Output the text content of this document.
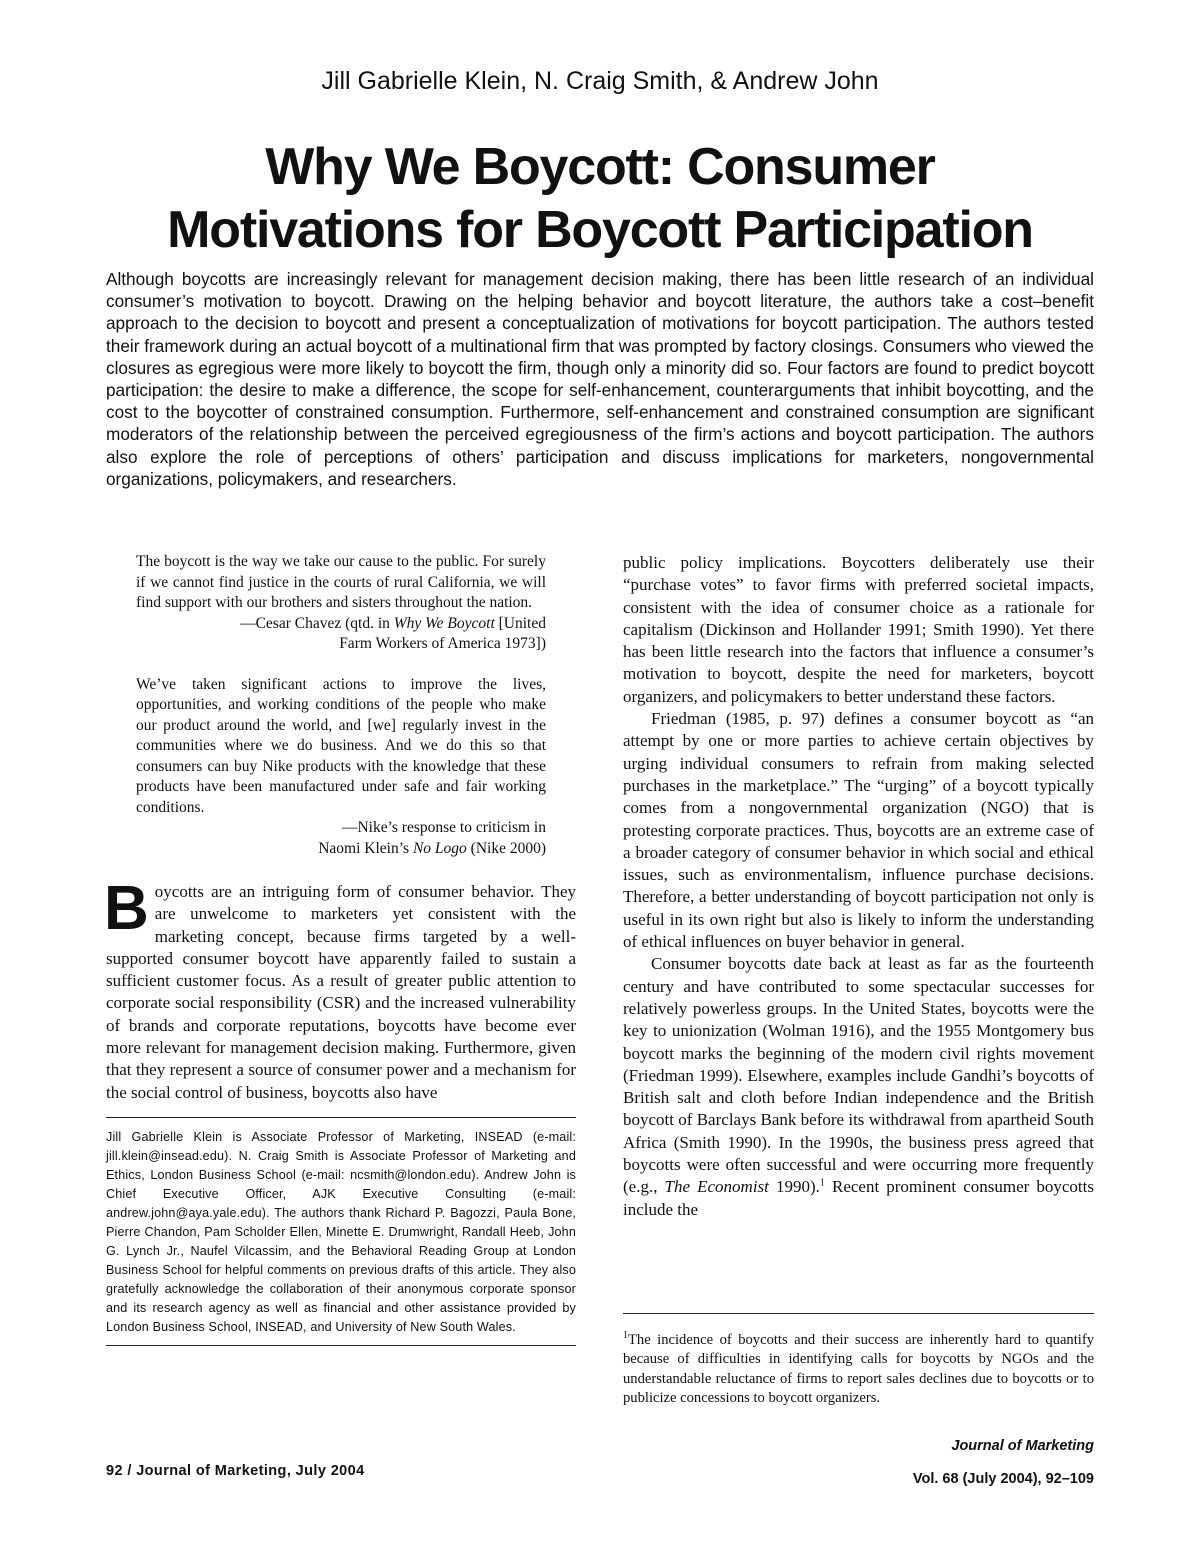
Jill Gabrielle Klein, N. Craig Smith, & Andrew John
Why We Boycott: Consumer
Motivations for Boycott Participation

Although boycotts are increasingly relevant for management decision making, there has been little research of an individual consumer’s motivation to boycott. Drawing on the helping behavior and boycott literature, the authors take a cost–benefit approach to the decision to boycott and present a conceptualization of motivations for boycott participation. The authors tested their framework during an actual boycott of a multinational firm that was prompted by factory closings. Consumers who viewed the closures as egregious were more likely to boycott the firm, though only a minority did so. Four factors are found to predict boycott participation: the desire to make a difference, the scope for self-enhancement, counterarguments that inhibit boycotting, and the cost to the boycotter of constrained consumption. Furthermore, self-enhancement and constrained consumption are significant moderators of the relationship between the perceived egregiousness of the firm’s actions and boycott participation. The authors also explore the role of perceptions of others’ participation and discuss implications for marketers, nongovernmental organizations, policymakers, and researchers.

The boycott is the way we take our cause to the public. For surely if we cannot find justice in the courts of rural California, we will find support with our brothers and sisters throughout the nation.

—Cesar Chavez (qtd. in Why We Boycott [United
Farm Workers of America 1973])

We’ve taken significant actions to improve the lives, opportunities, and working conditions of the people who make our product around the world, and [we] regularly invest in the communities where we do business. And we do this so that consumers can buy Nike products with the knowledge that these products have been manufactured under safe and fair working conditions.

—Nike’s response to criticism in
Naomi Klein’s No Logo (Nike 2000)

Boycotts are an intriguing form of consumer behavior. They are unwelcome to marketers yet consistent with the marketing concept, because firms targeted by a well-supported consumer boycott have apparently failed to sustain a sufficient customer focus. As a result of greater public attention to corporate social responsibility (CSR) and the increased vulnerability of brands and corporate reputations, boycotts have become ever more relevant for management decision making. Furthermore, given that they represent a source of consumer power and a mechanism for the social control of business, boycotts also have

public policy implications. Boycotters deliberately use their “purchase votes” to favor firms with preferred societal impacts, consistent with the idea of consumer choice as a rationale for capitalism (Dickinson and Hollander 1991; Smith 1990). Yet there has been little research into the factors that influence a consumer’s motivation to boycott, despite the need for marketers, boycott organizers, and policymakers to better understand these factors.

Friedman (1985, p. 97) defines a consumer boycott as “an attempt by one or more parties to achieve certain objectives by urging individual consumers to refrain from making selected purchases in the marketplace.” The “urging” of a boycott typically comes from a nongovernmental organization (NGO) that is protesting corporate practices. Thus, boycotts are an extreme case of a broader category of consumer behavior in which social and ethical issues, such as environmentalism, influence purchase decisions. Therefore, a better understanding of boycott participation not only is useful in its own right but also is likely to inform the understanding of ethical influences on buyer behavior in general.

Consumer boycotts date back at least as far as the fourteenth century and have contributed to some spectacular successes for relatively powerless groups. In the United States, boycotts were the key to unionization (Wolman 1916), and the 1955 Montgomery bus boycott marks the beginning of the modern civil rights movement (Friedman 1999). Elsewhere, examples include Gandhi’s boycotts of British salt and cloth before Indian independence and the British boycott of Barclays Bank before its withdrawal from apartheid South Africa (Smith 1990). In the 1990s, the business press agreed that boycotts were often successful and were occurring more frequently (e.g., The Economist 1990).$^1$ Recent prominent consumer boycotts include the

Jill Gabrielle Klein is Associate Professor of Marketing, INSEAD (e-mail: jill.klein@insead.edu). N. Craig Smith is Associate Professor of Marketing and Ethics, London Business School (e-mail: ncsmith@london.edu). Andrew John is Chief Executive Officer, AJK Executive Consulting (e-mail: andrew.john@aya.yale.edu). The authors thank Richard P. Bagozzi, Paula Bone, Pierre Chandon, Pam Scholder Ellen, Minette E. Drumwright, Randall Heeb, John G. Lynch Jr., Naufel Vilcassim, and the Behavioral Reading Group at London Business School for helpful comments on previous drafts of this article. They also gratefully acknowledge the collaboration of their anonymous corporate sponsor and its research agency as well as financial and other assistance provided by London Business School, INSEAD, and University of New South Wales.
$^1$The incidence of boycotts and their success are inherently hard to quantify because of difficulties in identifying calls for boycotts by NGOs and the understandable reluctance of firms to report sales declines due to boycotts or to publicize concessions to boycott organizers.
92 / Journal of Marketing, July 2004
Journal of Marketing
Vol. 68 (July 2004), 92–109
